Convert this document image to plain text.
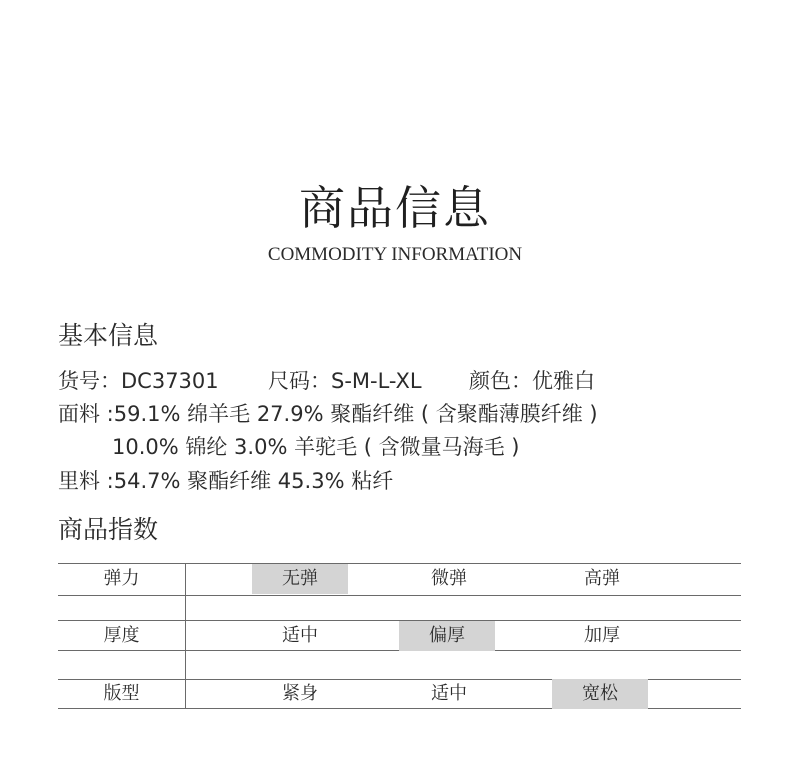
商品信息
COMMODITY INFORMATION
基本信息
货号：DC37301 尺码：S-M-L-XL 颜色：优雅白
面料 :59.1% 绵羊毛 27.9% 聚酯纤维 ( 含聚酯薄膜纤维 )
10.0% 锦纶 3.0% 羊驼毛 ( 含微量马海毛 )
里料 :54.7% 聚酯纤维 45.3% 粘纤
商品指数
弹力	无弹	微弹	高弹
厚度	适中	偏厚	加厚
版型	紧身	适中	宽松
